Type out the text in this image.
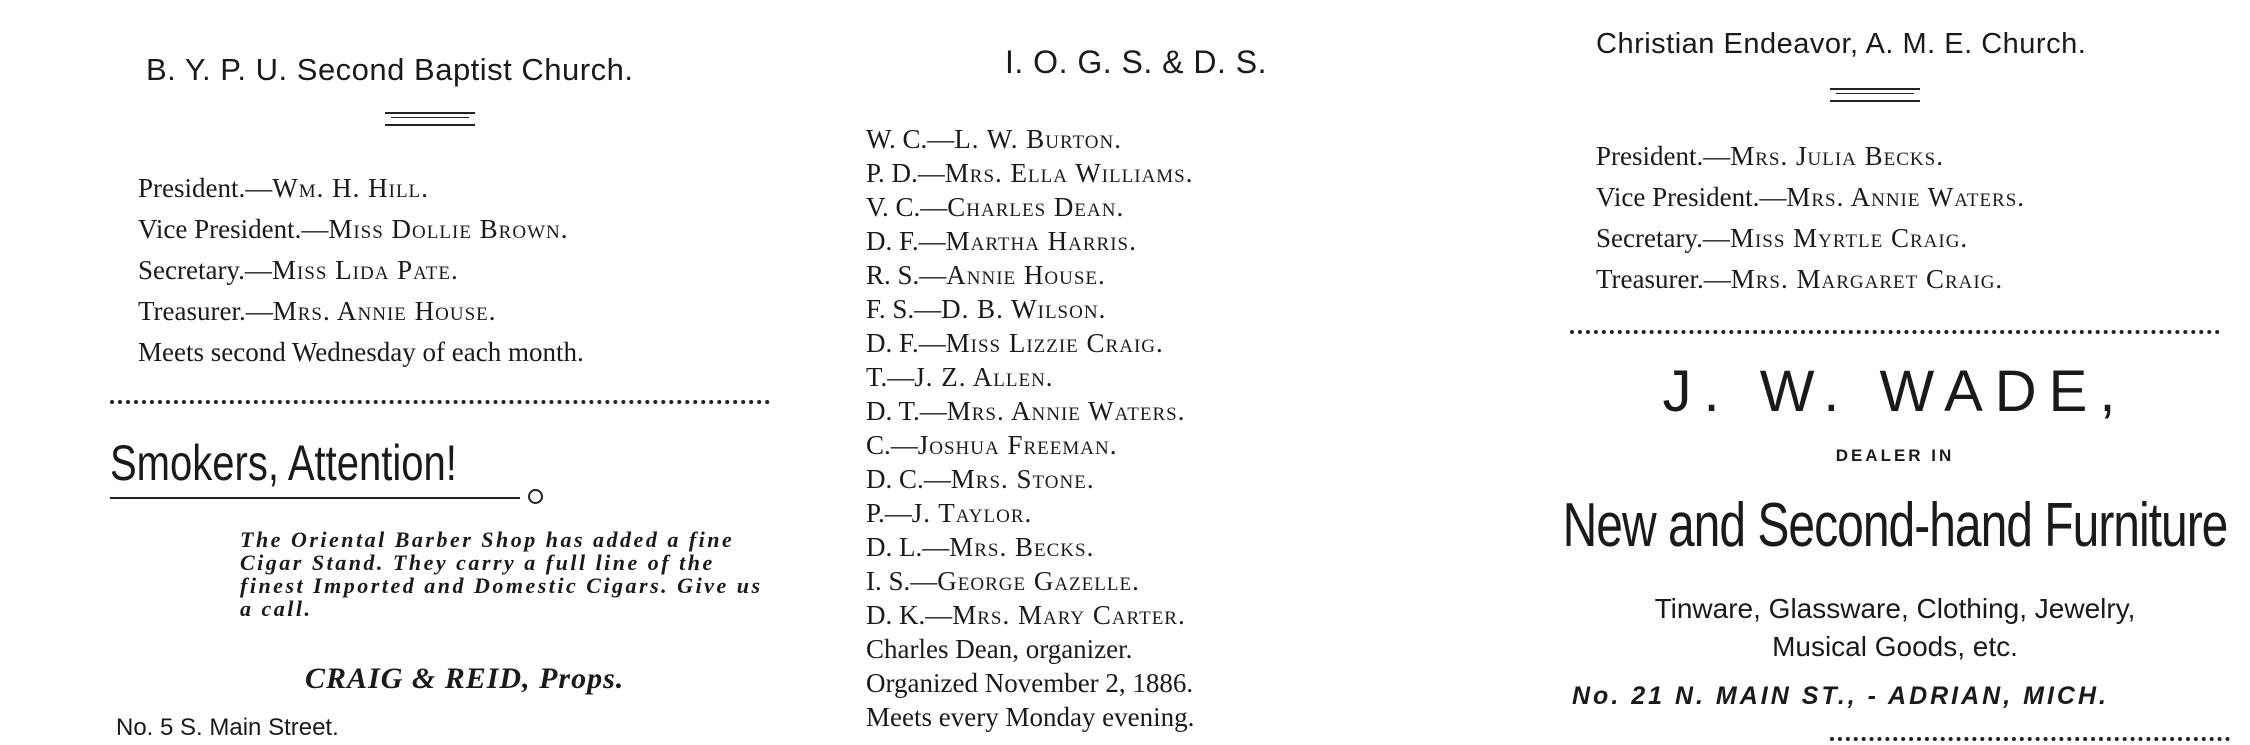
B. Y. P. U. Second Baptist Church.
President.—Wm. H. Hill.
Vice President.—Miss Dollie Brown.
Secretary.—Miss Lida Pate.
Treasurer.—Mrs. Annie House.
Meets second Wednesday of each month.
Smokers, Attention!
The Oriental Barber Shop has added a fine Cigar Stand. They carry a full line of the finest Imported and Domestic Cigars. Give us a call.
CRAIG & REID, Props.
No. 5 S. Main Street.
I. O. G. S. & D. S.
W. C.—L. W. Burton.
P. D.—Mrs. Ella Williams.
V. C.—Charles Dean.
D. F.—Martha Harris.
R. S.—Annie House.
F. S.—D. B. Wilson.
D. F.—Miss Lizzie Craig.
T.—J. Z. Allen.
D. T.—Mrs. Annie Waters.
C.—Joshua Freeman.
D. C.—Mrs. Stone.
P.—J. Taylor.
D. L.—Mrs. Becks.
I. S.—George Gazelle.
D. K.—Mrs. Mary Carter.
Charles Dean, organizer.
Organized November 2, 1886.
Meets every Monday evening.
Christian Endeavor, A. M. E. Church.
President.—Mrs. Julia Becks.
Vice President.—Mrs. Annie Waters.
Secretary.—Miss Myrtle Craig.
Treasurer.—Mrs. Margaret Craig.
J. W. WADE,
DEALER IN
New and Second-hand Furniture
Tinware, Glassware, Clothing, Jewelry,
Musical Goods, etc.
No. 21 N. MAIN ST., - ADRIAN, MICH.
